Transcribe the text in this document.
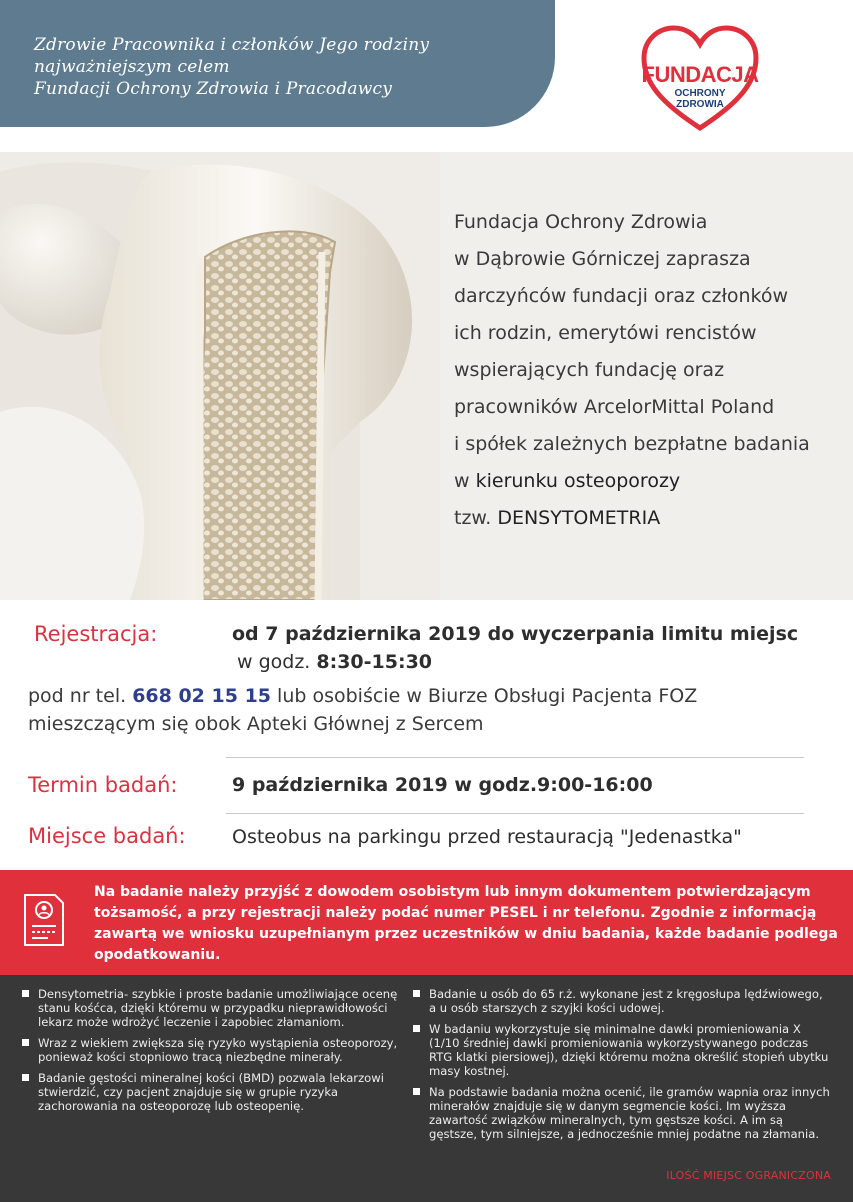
Zdrowie Pracownika i członków Jego rodziny

najważniejszym celem

Fundacji Ochrony Zdrowia i Pracodawcy

FUNDACJA
OCHRONY
ZDROWIA
Fundacja Ochrony Zdrowia
w Dąbrowie Górniczej zaprasza
darczyńców fundacji oraz członków
ich rodzin, emerytówi rencistów
wspierających fundację oraz
pracowników ArcelorMittal Poland
i spółek zależnych bezpłatne badania
w kierunku osteoporozy
tzw. DENSYTOMETRIA
Rejestracja:	od 7 października 2019 do wyczerpania limitu miejsc
w godz. 8:30-15:30
pod nr tel. 668 02 15 15 lub osobiście w Biurze Obsługi Pacjenta FOZ
mieszczącym się obok Apteki Głównej z Sercem
Termin badań:	9 października 2019 w godz.9:00-16:00
Miejsce badań: Osteobus na parkingu przed restauracją "Jedenastka"

Na badanie należy przyjść z dowodem osobistym lub innym dokumentem potwierdzającym tożsamość, a przy rejestracji należy podać numer PESEL i nr telefonu. Zgodnie z informacją zawartą we wniosku uzupełnianym przez uczestników w dniu badania, każde badanie podlega opodatkowaniu.

Densytometria- szybkie i proste badanie umożliwiające ocenę stanu kośćca, dzięki któremu w przypadku nieprawidłowości lekarz może wdrożyć leczenie i zapobiec złamaniom.
Wraz z wiekiem zwiększa się ryzyko wystąpienia osteoporozy, ponieważ kości stopniowo tracą niezbędne minerały.
Badanie gęstości mineralnej kości (BMD) pozwala lekarzowi stwierdzić, czy pacjent znajduje się w grupie ryzyka zachorowania na osteoporozę lub osteopenię.
Badanie u osób do 65 r.ż. wykonane jest z kręgosłupa lędźwiowego, a u osób starszych z szyjki kości udowej.
W badaniu wykorzystuje się minimalne dawki promieniowania X (1/10 średniej dawki promieniowania wykorzystywanego podczas RTG klatki piersiowej), dzięki któremu można określić stopień ubytku masy kostnej.
Na podstawie badania można ocenić, ile gramów wapnia oraz innych minerałów znajduje się w danym segmencie kości. Im wyższa zawartość związków mineralnych, tym gęstsze kości. A im są gęstsze, tym silniejsze, a jednocześnie mniej podatne na złamania.
ILOŚĆ MIEJSC OGRANICZONA
